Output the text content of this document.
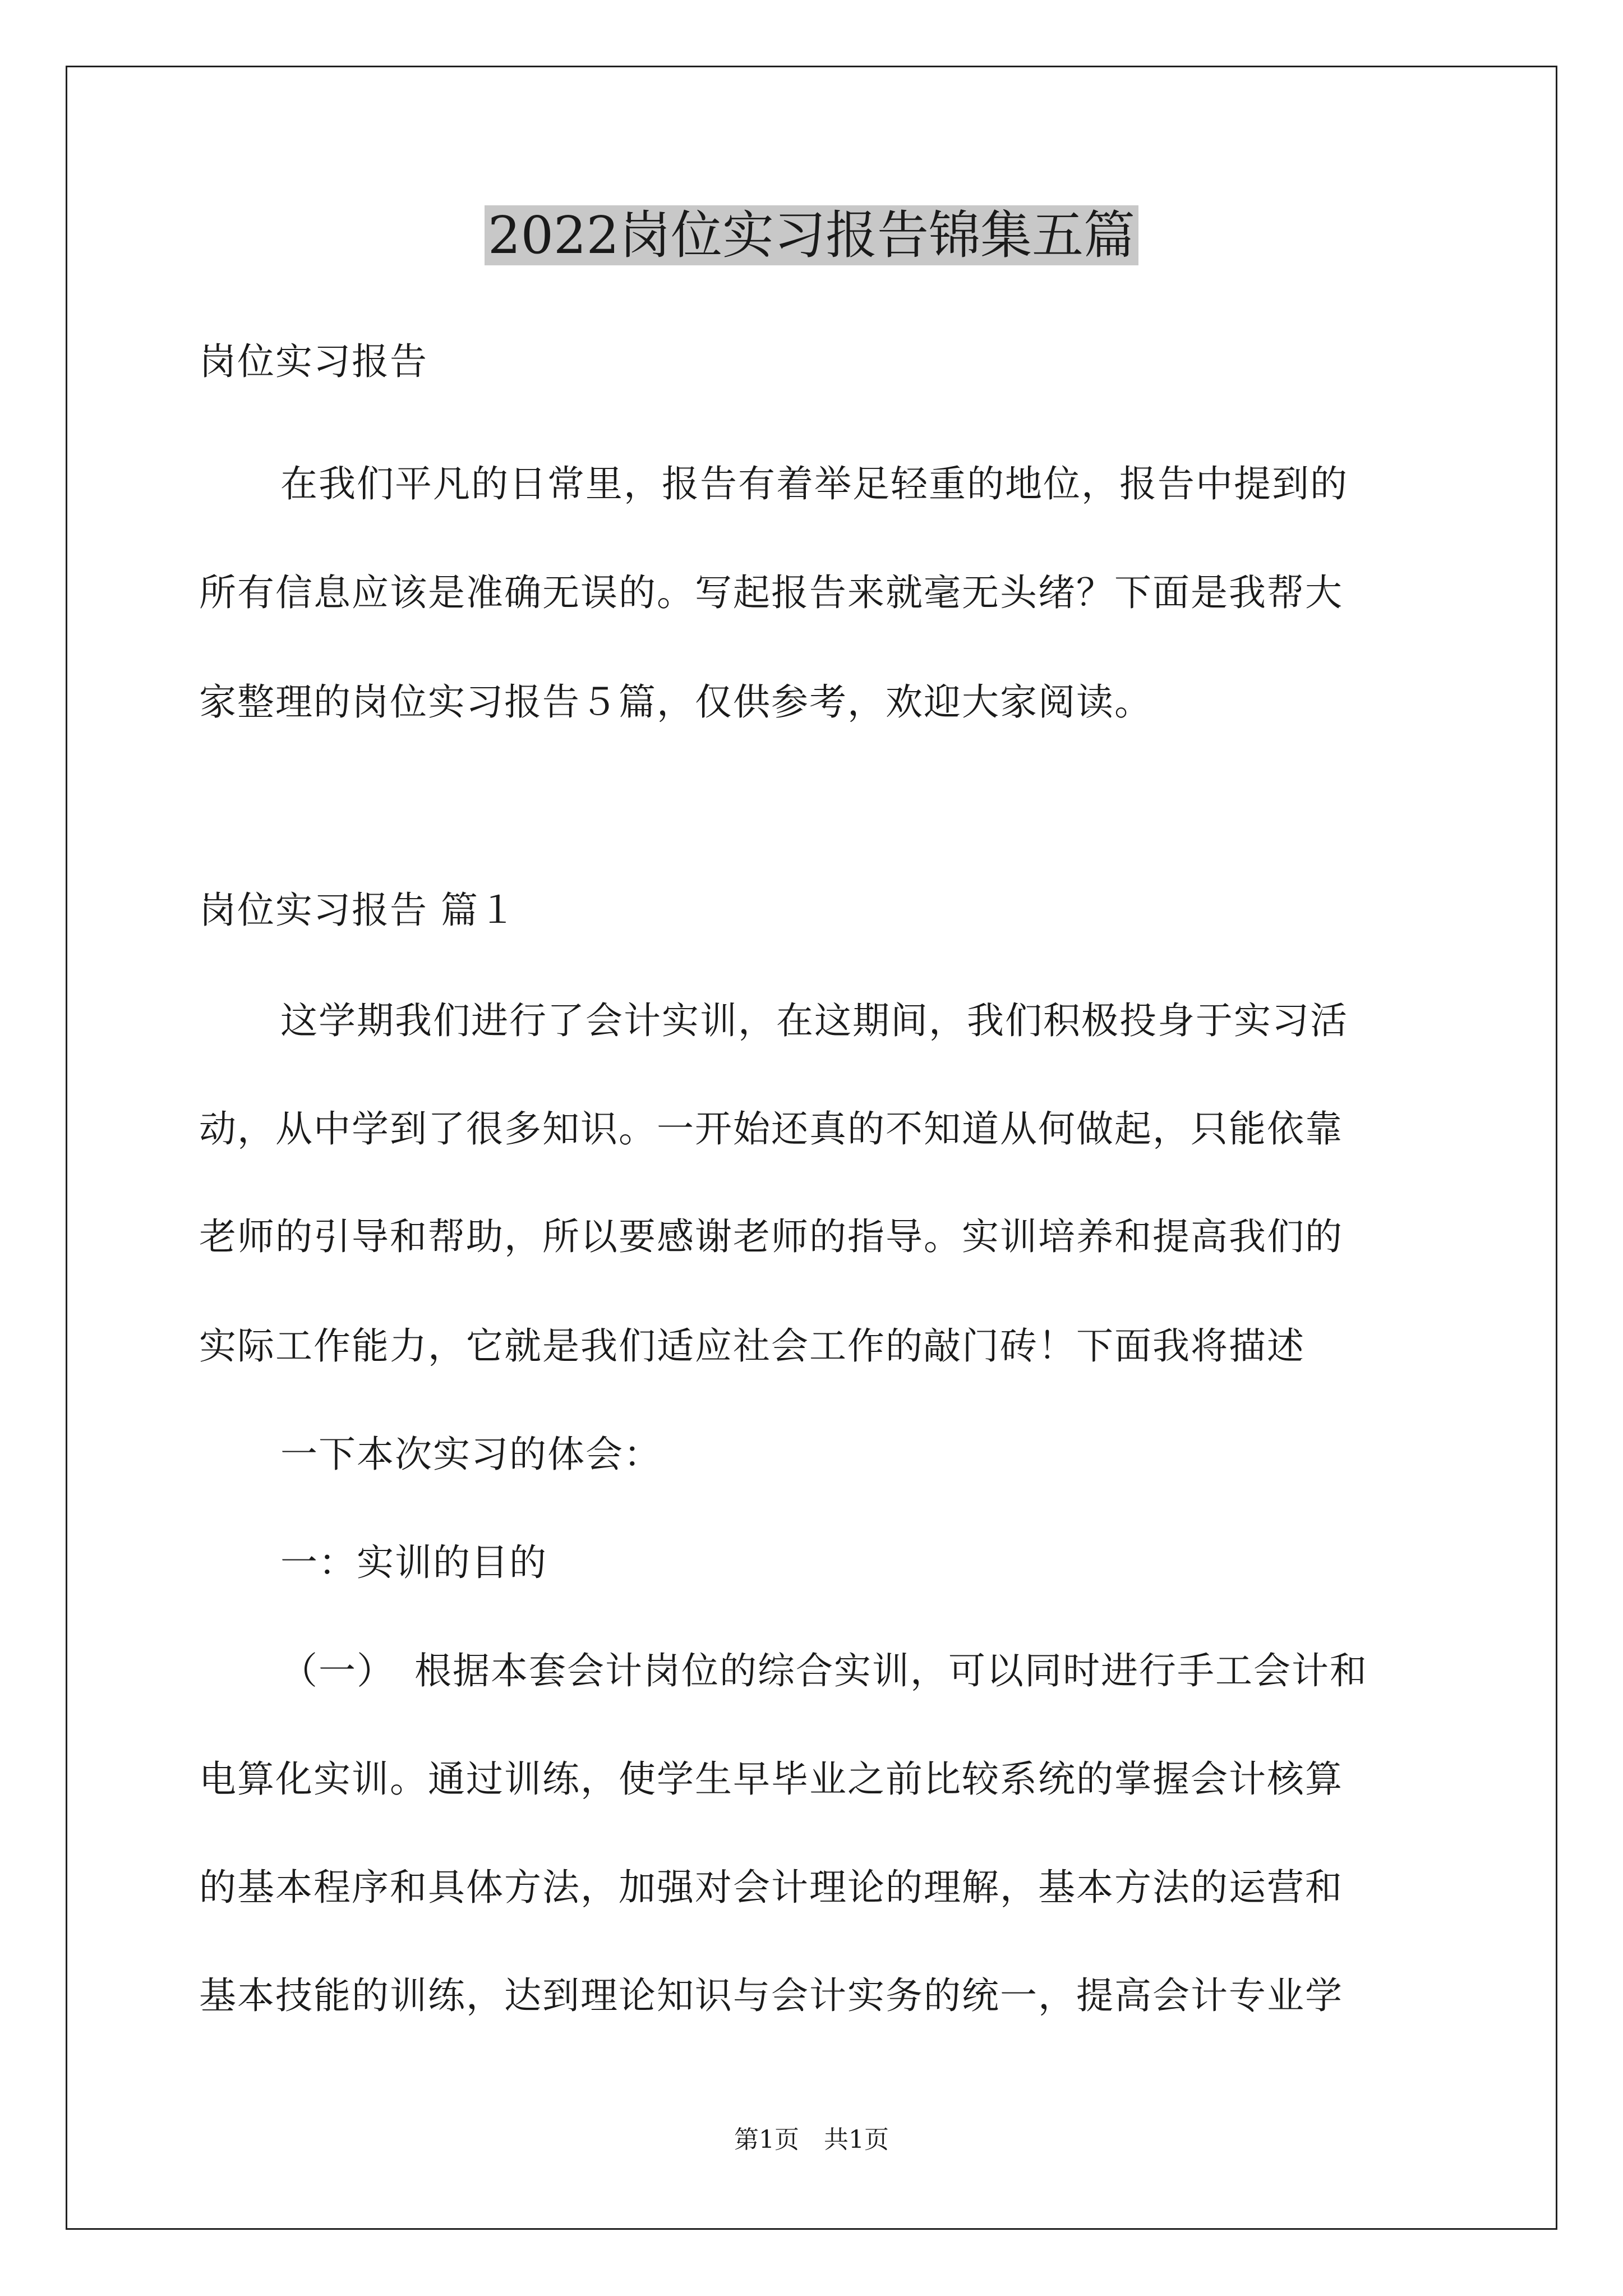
2022岗位实习报告锦集五篇
岗位实习报告
在我们平凡的日常里，报告有着举足轻重的地位，报告中提到的
所有信息应该是准确无误的。写起报告来就毫无头绪？下面是我帮大
家整理的岗位实习报告５篇，仅供参考，欢迎大家阅读。
岗位实习报告 篇１
这学期我们进行了会计实训，在这期间，我们积极投身于实习活
动，从中学到了很多知识。一开始还真的不知道从何做起，只能依靠
老师的引导和帮助，所以要感谢老师的指导。实训培养和提高我们的
实际工作能力，它就是我们适应社会工作的敲门砖！下面我将描述
一下本次实习的体会：
一：实训的目的
（一）　根据本套会计岗位的综合实训，可以同时进行手工会计和
电算化实训。通过训练，使学生早毕业之前比较系统的掌握会计核算
的基本程序和具体方法，加强对会计理论的理解，基本方法的运营和
基本技能的训练，达到理论知识与会计实务的统一，提高会计专业学
第1页　共1页
